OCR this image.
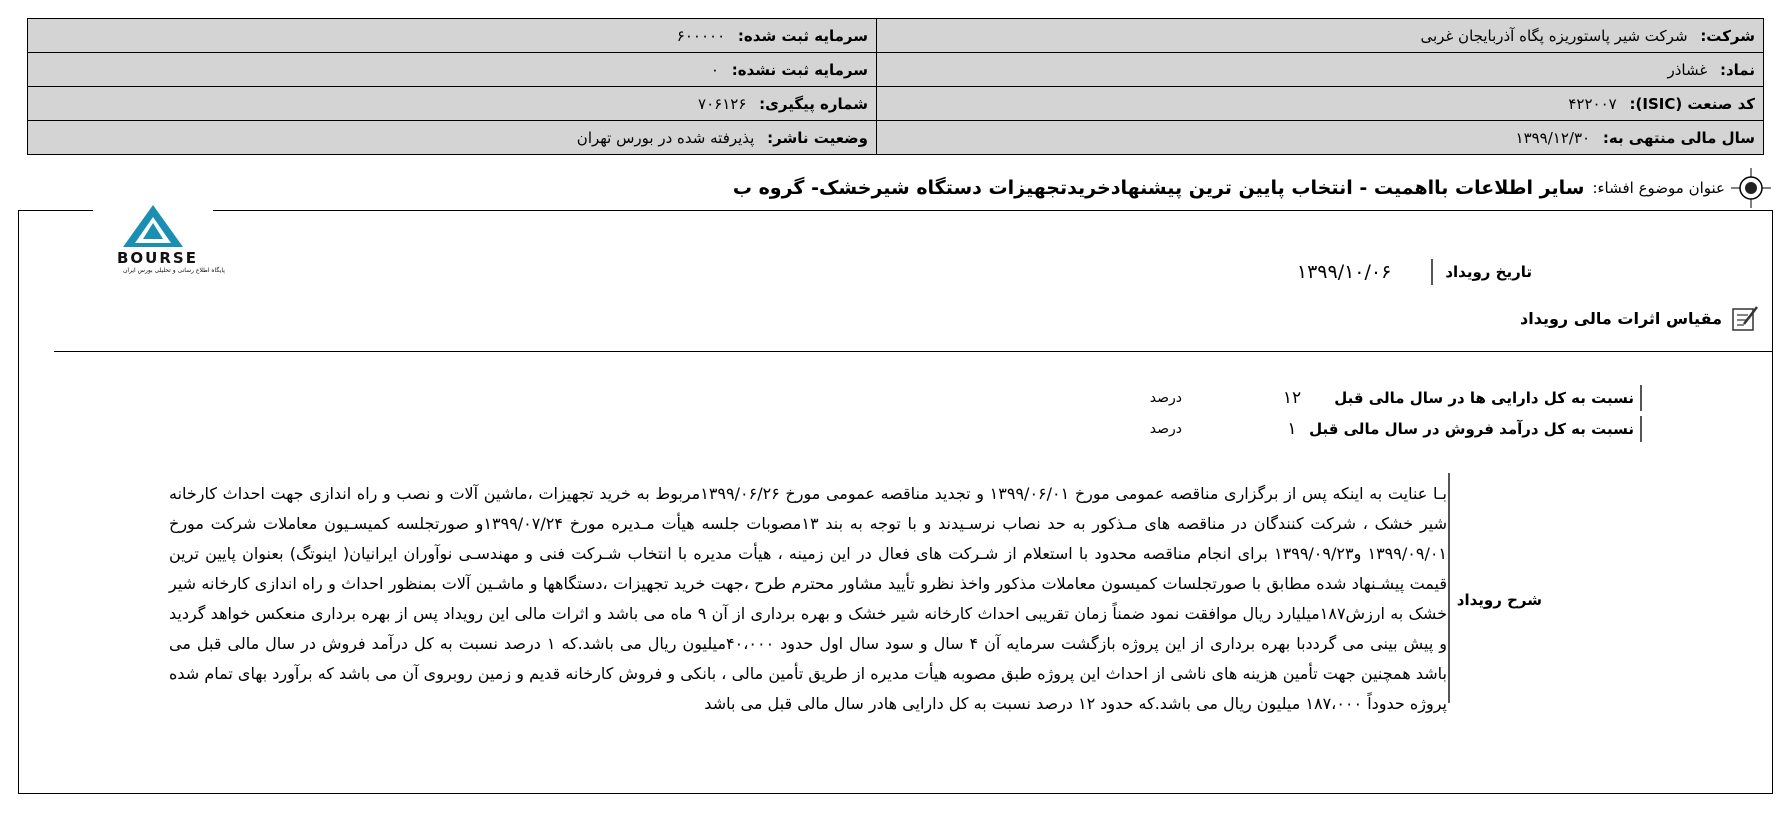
شرکت: شرکت شیر پاستوریزه پگاه آذربایجان غربی	سرمایه ثبت شده: ۶۰۰۰۰۰
نماد: غشاذر	سرمایه ثبت نشده: ۰
کد صنعت (ISIC): ۴۲۲۰۰۷	شماره پیگیری: ۷۰۶۱۲۶
سال مالی منتهی به: ۱۳۹۹/۱۲/۳۰	وضعیت ناشر: پذیرفته شده در بورس تهران
عنوان موضوع افشاء:
سایر اطلاعات بااهمیت - انتخاب پایین ترین پیشنهادخریدتجهیزات دستگاه شیرخشک- گروه ب
BOURSE
پایگاه اطلاع رسانی و تحلیلی بورس ایران	تاریخ رویداد
۱۳۹۹/۱۰/۰۶
مقیاس اثرات مالی رویداد
نسبت به کل دارایی ها در سال مالی قبل
۱۲
درصد
نسبت به کل درآمد فروش در سال مالی قبل
۱
درصد
شرح رویداد
بـا عنایت به اینکه پس از برگزاری مناقصه عمومی مورخ ۱۳۹۹/۰۶/۰۱ و تجدید مناقصه عمومی مورخ ۱۳۹۹/۰۶/۲۶مربوط به خرید تجهیزات ،ماشین آلات و نصب و راه اندازی جهت احداث کارخانه شیر خشک ، شرکت کنندگان در مناقصه های مـذکور به حد نصاب نرسـیدند و با توجه به بند ۱۳مصوبات جلسه هیأت مـدیره مورخ ۱۳۹۹/۰۷/۲۴و صورتجلسه کمیسـیون معاملات شرکت مورخ ۱۳۹۹/۰۹/۰۱ و۱۳۹۹/۰۹/۲۳ برای انجام مناقصه محدود با استعلام از شـرکت های فعال در این زمینه ، هیأت مدیره با انتخاب شـرکت فنی و مهندسـی نوآوران ایرانیان( اینوتگ) بعنوان پایین ترین قیمت پیشـنهاد شده مطابق با صورتجلسات کمیسون معاملات مذکور واخذ نظرو تأیید مشاور محترم طرح ،جهت خرید تجهیزات ،دستگاهها و ماشـین آلات بمنظور احداث و راه اندازی کارخانه شیر خشک به ارزش۱۸۷میلیارد ریال موافقت نمود ضمناً زمان تقریبی احداث کارخانه شیر خشک و بهره برداری از آن ۹ ماه می باشد و اثرات مالی این رویداد پس از بهره برداری منعکس خواهد گردید و پیش بینی می گرددبا بهره برداری از این پروژه بازگشت سرمایه آن ۴ سال و سود سال اول حدود ۴۰،۰۰۰میلیون ریال می باشد.که ۱ درصد نسبت به کل درآمد فروش در سال مالی قبل می باشد همچنین جهت تأمین هزینه های ناشی از احداث این پروژه طبق مصوبه هیأت مدیره از طریق تأمین مالی ، بانکی و فروش کارخانه قدیم و زمین روبروی آن می باشد که برآورد بهای تمام شده پروژه حدوداً ۱۸۷،۰۰۰ میلیون ریال می باشد.که حدود ۱۲ درصد نسبت به کل دارایی هادر سال مالی قبل می باشد
